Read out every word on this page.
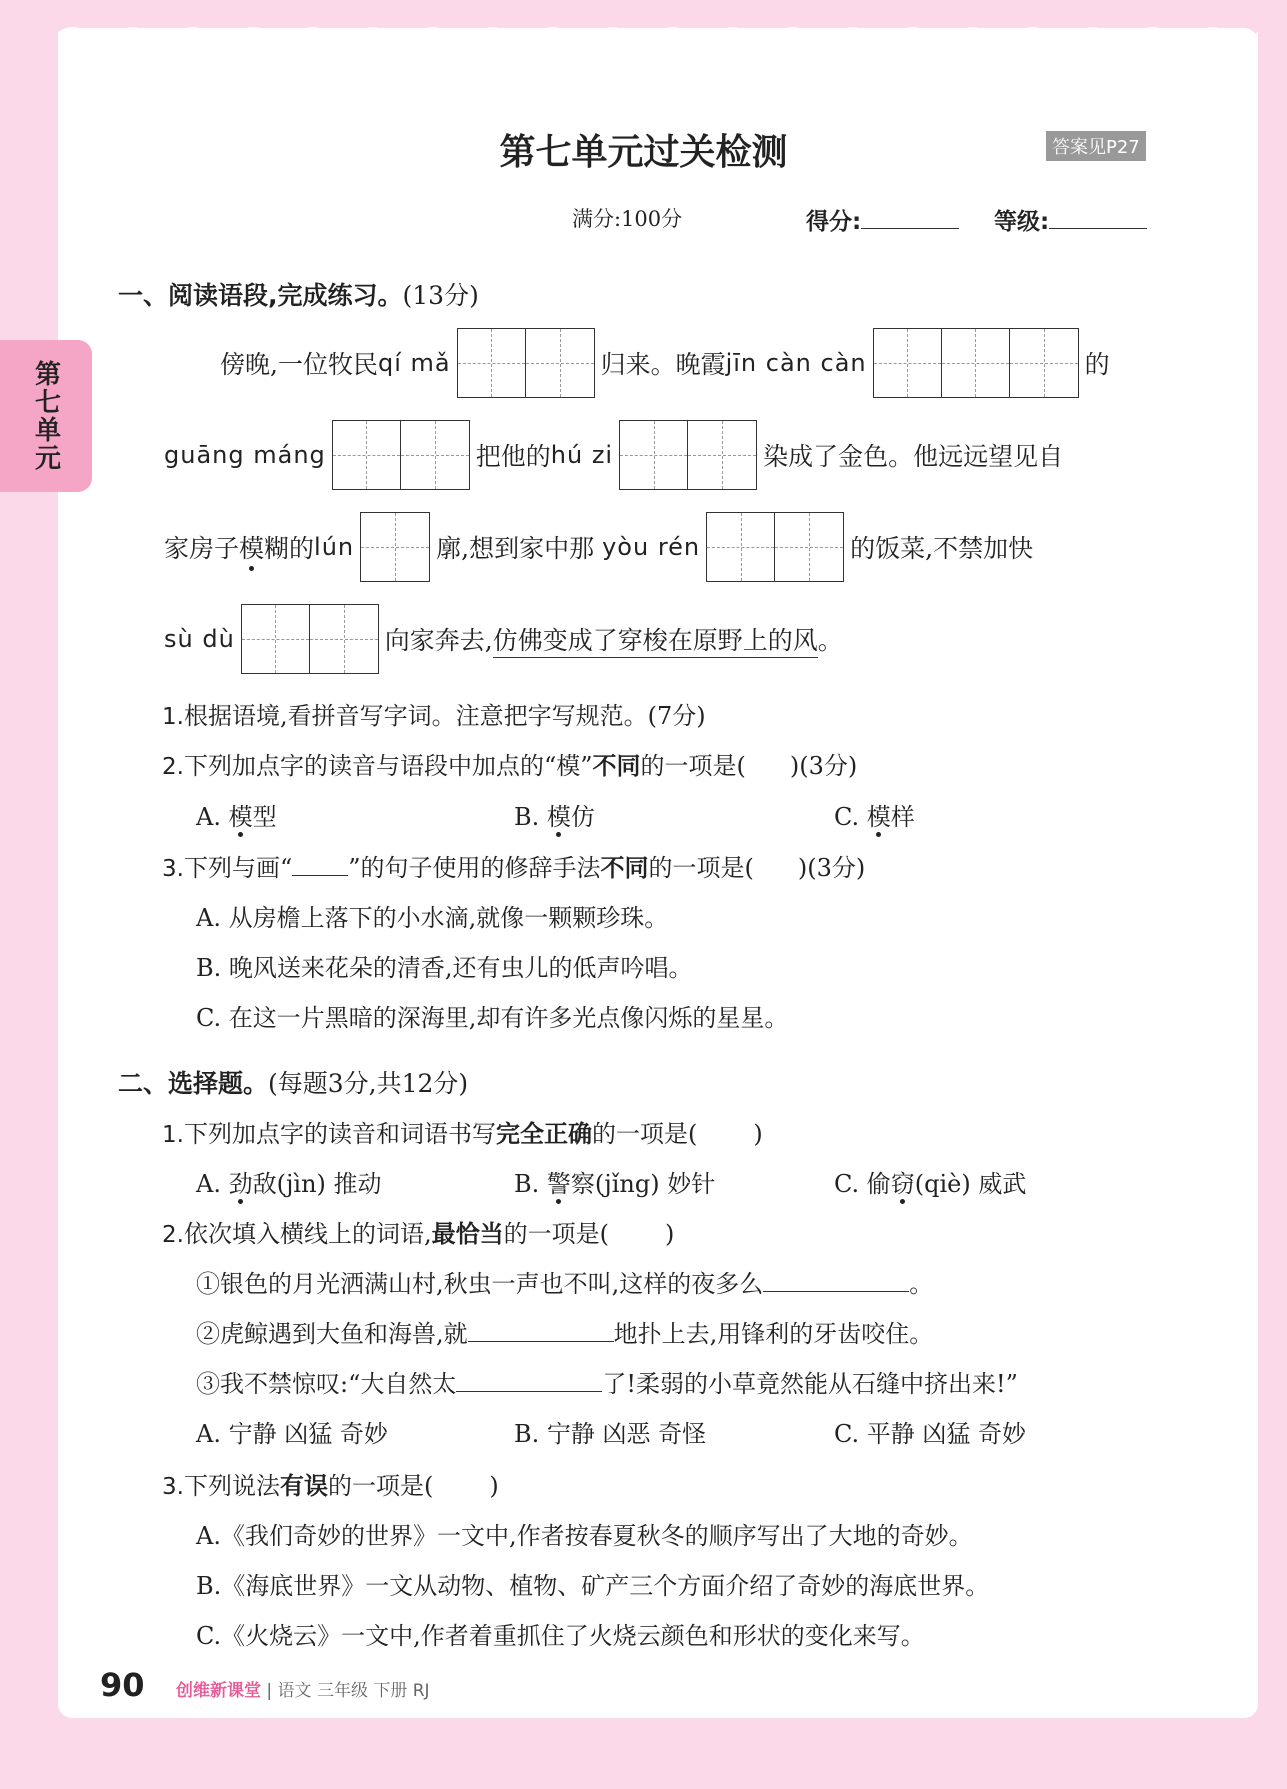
第七单元
第七单元过关检测	答案见P27
满分:100分	得分:	等级:
一、阅读语段,完成练习。(13分)
傍晚,一位牧民 qí mǎ	归来。晚霞 jīn càn càn	的
guāng máng	把他的 hú zi	染成了金色。他远远望见自
家房子 模 糊的 lún	廓,想到家中那 yòu rén	的饭菜,不禁加快
sù dù	向家奔去, 仿佛变成了穿梭在原野上的风 。
1.根据语境,看拼音写字词。注意把字写规范。(7分)
2.下列加点字的读音与语段中加点的“模”不同的一项是( )(3分)
A. 模型	B. 模仿	C. 模样
3.下列与画“ ”的句子使用的修辞手法不同的一项是( )(3分)
A. 从房檐上落下的小水滴,就像一颗颗珍珠。
B. 晚风送来花朵的清香,还有虫儿的低声吟唱。
C. 在这一片黑暗的深海里,却有许多光点像闪烁的星星。
二、选择题。(每题3分,共12分)
1.下列加点字的读音和词语书写完全正确的一项是( )
A. 劲敌(jìn) 推动	B. 警察(jǐng) 妙针	C. 偷窃(qiè) 威武
2.依次填入横线上的词语,最恰当的一项是( )
①银色的月光洒满山村,秋虫一声也不叫,这样的夜多么	。
②虎鲸遇到大鱼和海兽,就	地扑上去,用锋利的牙齿咬住。
③我不禁惊叹:“大自然太	了!柔弱的小草竟然能从石缝中挤出来!”
A. 宁静 凶猛 奇妙	B. 宁静 凶恶 奇怪	C. 平静 凶猛 奇妙
3.下列说法有误的一项是( )
A.《我们奇妙的世界》一文中,作者按春夏秋冬的顺序写出了大地的奇妙。
B.《海底世界》一文从动物、植物、矿产三个方面介绍了奇妙的海底世界。
C.《火烧云》一文中,作者着重抓住了火烧云颜色和形状的变化来写。
90 创维新课堂 | 语文 三年级 下册 RJ
